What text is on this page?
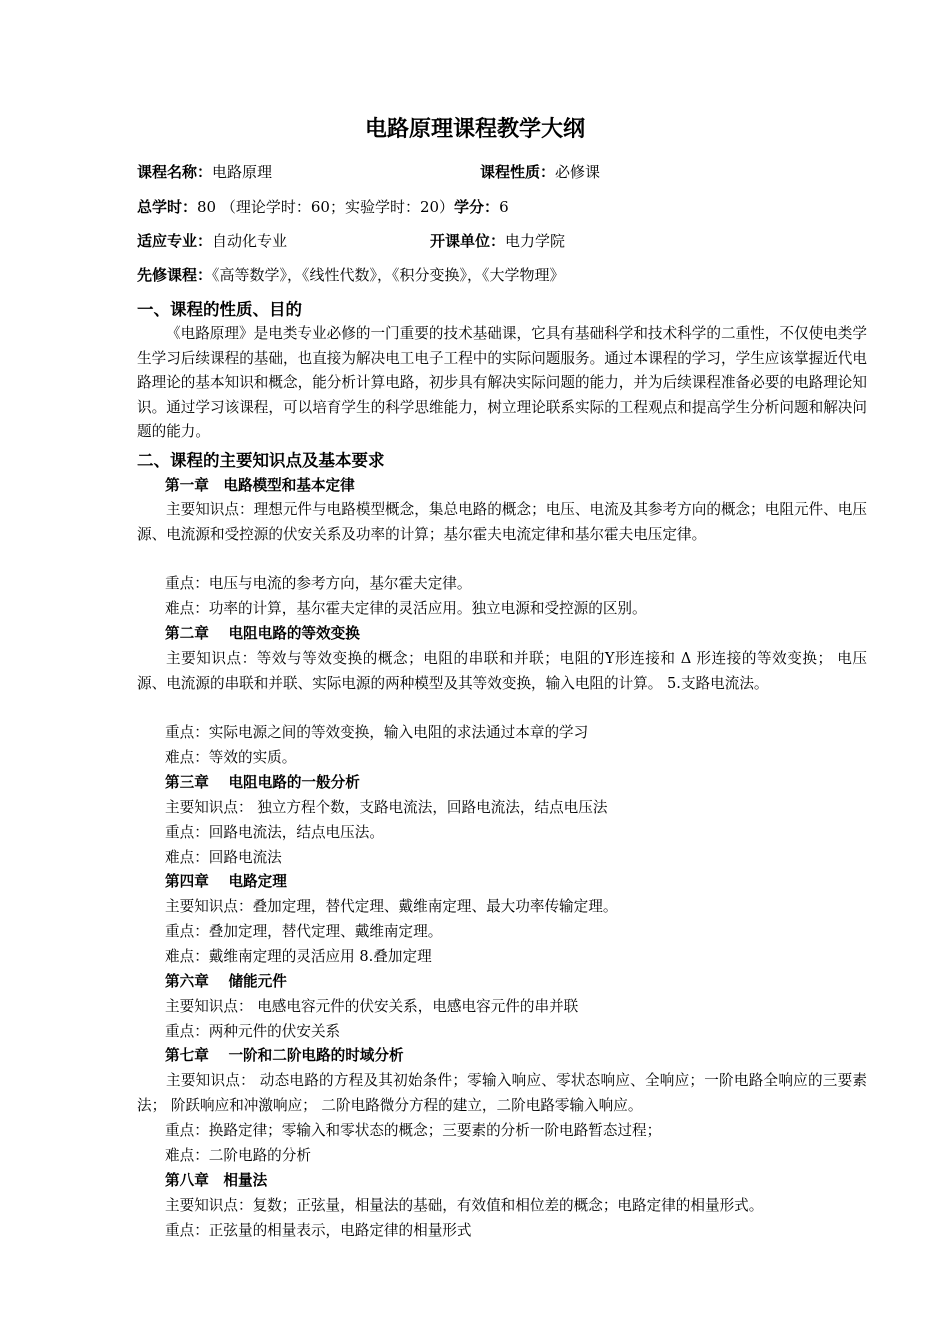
电路原理课程教学大纲
课程名称：电路原理	课程性质：必修课
总学时：80 （理论学时：60；实验学时：20）学分：6
适应专业：自动化专业	开课单位：电力学院
先修课程：《高等数学》，《线性代数》，《积分变换》，《大学物理》
一、课程的性质、目的

《电路原理》是电类专业必修的一门重要的技术基础课，它具有基础科学和技术科学的二重性，不仅使电类学生学习后续课程的基础，也直接为解决电工电子工程中的实际问题服务。通过本课程的学习，学生应该掌握近代电路理论的基本知识和概念，能分析计算电路，初步具有解决实际问题的能力，并为后续课程准备必要的电路理论知识。通过学习该课程，可以培育学生的科学思维能力，树立理论联系实际的工程观点和提高学生分析问题和解决问题的能力。

二、课程的主要知识点及基本要求
第一章　电路模型和基本定律

主要知识点：理想元件与电路模型概念，集总电路的概念；电压、电流及其参考方向的概念；电阻元件、电压源、电流源和受控源的伏安关系及功率的计算；基尔霍夫电流定律和基尔霍夫电压定律。

重点：电压与电流的参考方向，基尔霍夫定律。
难点：功率的计算，基尔霍夫定律的灵活应用。独立电源和受控源的区别。
第二章　 电阻电路的等效变换

主要知识点：等效与等效变换的概念；电阻的串联和并联；电阻的Y形连接和 Δ 形连接的等效变换； 电压源、电流源的串联和并联、实际电源的两种模型及其等效变换，输入电阻的计算。 5.支路电流法。

重点：实际电源之间的等效变换，输入电阻的求法通过本章的学习
难点：等效的实质。
第三章　 电阻电路的一般分析
主要知识点： 独立方程个数，支路电流法，回路电流法，结点电压法
重点：回路电流法，结点电压法。
难点：回路电流法
第四章　 电路定理
主要知识点：叠加定理，替代定理、戴维南定理、最大功率传输定理。
重点：叠加定理，替代定理、戴维南定理。
难点：戴维南定理的灵活应用 8.叠加定理
第六章　 储能元件
主要知识点： 电感电容元件的伏安关系，电感电容元件的串并联
重点：两种元件的伏安关系
第七章　 一阶和二阶电路的时域分析

主要知识点： 动态电路的方程及其初始条件；零输入响应、零状态响应、全响应；一阶电路全响应的三要素法； 阶跃响应和冲激响应； 二阶电路微分方程的建立，二阶电路零输入响应。

重点：换路定律；零输入和零状态的概念；三要素的分析一阶电路暂态过程；
难点：二阶电路的分析
第八章　相量法
主要知识点：复数；正弦量，相量法的基础，有效值和相位差的概念；电路定律的相量形式。
重点：正弦量的相量表示，电路定律的相量形式
